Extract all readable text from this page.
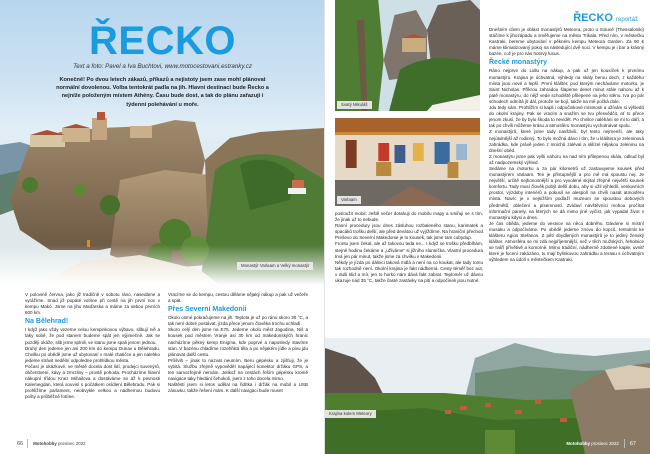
ŘECKO
Text a foto: Pavel a Iva Buchtovi, www.motocestovani.estranky.cz
Konečně! Po dvou letech zákazů, příkazů a nejistoty jsem zase mohl plánovat normální dovolenou. Volba tentokrát padla na jih. Hlavní destinací bude Řecko a nejníže položeným místem Athény. Času bude dost, a tak do plánu zařazuji i týdenní polehávání u moře.
Monastýr Varlaam a Velký monastýr

V polovině června, jako již tradičně v sobotu ráno, nasedáme a vyrážíme. Snad již popáté volíme při cestě na jih první noc v kempu Makó. Jsme na jihu Maďarska a máme za sebou prvních 600 km.

Na Bělehrad!

I když jako vždy vezeme celou kempinkovou výbavu, slibují Ivě a taky sobě, že pod stanem budeme spát jen výjimečně. Jak se později ukáže, slib jsme splnili, ve stanu jsme spali jenom jednou.

Druhý den jedeme jen asi 200 km do kempu Dunav u Bělehradu. Chvilku po obědě jsme už ubytovaní v malé chatičce a jen nalehko jedeme strávit nedělní odpoledne prohlídkou města.

Počasí je ukázkové, ve městě docela dost lidí, prodejci suvenýrů, občerstvení, kávy a zmrzliny – prostě pohoda. Procházíme hlavní nákupní třídou Knez Mihailova a dostáváme se až k pevnosti Kalemegdan, která souvisí s počátkem osídlení Bělehradu. Pak si prohlížíme parlament, neobvykle velkou a nádhernou budovu pošty a průběžně fotíme.

Vracíme se do kempu, cestou děláme nějaký nákup a pak už večeře a spát.

Přes Severní Makedonii

Okolo osmé pokračujeme na jih. Teplota je už po ránu skoro 30 °C, a tak není dobré postávat, jízda přece jenom člověka trochu ochladí.

Skoro celý den jsme na E75. Jedeme okolo měst Jagodina, Niš a kousek pod městem Vranje asi 30 km od makedonských hranic nacházíme pěkný kemp Enigma, kde poprvé a naposledy stavíme stan. V bazénu chladíme rozehřátá těla a po nějakém jídle a pivu jdu plánovat další cestu.

Průšvih – jinak to nazvat neumím. Beru gépésku a zjišťuji, že je vybitá. Službu zřejmě vypověděl napájecí konektor držáku GPS, a ten samozřejmě nemám. Jelikož na cestách řeším gépésku kromě navigace taky hledání čehokoli, jsem z toho docela mimo.

Naštěstí jsem si letos udělal na řidítka i držák na mobil a USB zásuvku, takže řešení mám. K další navigaci bude muset

66 Motohobby prosinec 2022
Svatý Mikuláš
Varlaam
Krajina kolem Meteory
ŘECKO reportáž

posloužit mobil. Ještě večer dotahuji do mobilu mapy a smiřuji se s tím, že jinak už to nebude.

Ranní procedury jsou dnes zásluhou rozbaleného stanu, karimatek a spacáků trošku delší, ale před devátou už vyjíždíme. Na hraniční přechod Preševo do Severní Makedonie je to kousek, tak jsme tam cobydup.

Frontu jsem čekal, ale až takovou teda ne... I když se trošku předbíhám, stejně hodinu čekáme a „užíváme“ si jižního slunníčka. Vlastní procedura trvá jen pár minut, takže jsme za chvilku v Makedonii.

Někdy je jízda po dálnici taková mdlá a není na co koukat, ale tady tomu tak rozhodně není. Okolní krajina je fakt nádherná. Cesty téměř bez aut, v duši klid a mír, jen to horko nám dává fakt zabrat. Teploměr už dávno ukazuje nad 35 °C, takže časté zastávky na pití a odpočinek jsou nutné.

Dnešním cílem je oblast monastýrů Meteora, proto u Soluně (Thessaloniki) stáčíme k jihozápadu a směřujeme na město Trikala. Před ním, v městečku Kastraki, bereme ubytování v pěkném kempu Meteora Garden. Za 90 € máme klimatizovaný pokoj na následující dvě noci. V kempu je i bar a krásný bazén, což je pro nás hotový luxus.

Řecké monastýry

Ráno nejprve do Lidlu na nákup, a pak už jen kousíček k prvnímu monastýru. Krajina je úchvatná, výhledy na skály berou dech, z každého místa jsou nové a lepší. První klášter, pod kterým necháváme motorku, je Saint Nicholas. Příkrou zahradou šlapeme deset minut stále nahoru až k patě monastýru, do nějž vede schodiště přilepené na jeho stěnu. Iva po pár schodech odmítá jít dál, protože se bojí, takže na mě počká dole.

Jdu tedy sám. Prohlížím si kapli i odpočinkové místnosti a užívám si výhledů do okolní krajiny. Pak se vracím a snažím se Ivu přesvědčit, ať to přece jenom zkusí, že by bylo škoda to nevidět. Po chvilce naléhání se mi to daří, a tak po chvíli můžeme krásu a atmosféru monastýru vychutnávat spolu.

Z monastýrů, které jsme tady navštívili, byl tento nejmenší, ale taky nejútulnější až rodinný. To bylo možná dáno i tím, že u kláštera je zeleninová zahrádka, kde právě jeden z mnichů zaléval a sklízel nějakou zeleninu na dnešní oběd.

Z monastýru jsme pak vyšli nahoru na nad ním přilepenou skálu, odkud byl až nadpozemský výhled.

Sedáme na motorku a za pár kilometrů už zastavujeme kousek před monastýrem Varlaam. Ten je přístupnější a pro mě má spoustu nej. Je největší, určitě nejhonosnější a pro vyvolené skýtal zřejmě největší kousek komfortu. Tady musí člověk pobýt delší dobu, aby si užil výhledů, venkovních prostor, výzdoby interiérů a pokusil se alespoň na chvíli nasát atmosféru místa. Navíc je v nejnižším podlaží muzeum se spoustou dobových předmětů, oblečení a písemností. Zvídaví návštěvníci mohou pročítat informační panely, na kterých se dá mimo jiné vyčíst, jak vypadal život v monastýru kdysi a dnes.

Je čas oběda, jedeme do vesnice na něco dobrého. Dáváme si místní musaku a odpočíváme. Po obědě jedeme znovu do kopců, tentokrát ke klášteru Agios Stefanos. Z pěti obydlených monastýrů je to jediný ženský klášter. Atmosféra se mi zdá nejpříjemnější, než v těch mužských, řeholnice se tváří přívětivě a komorně. Mimo tradiční, nádherně zdobené kaple, uvnitř které je focení zakázáno, tu mají bylinkovou zahrádku a terasu s úchvatným výhledem na údolí s městečkem Kastraki.

Motohobby prosinec 2022 67
